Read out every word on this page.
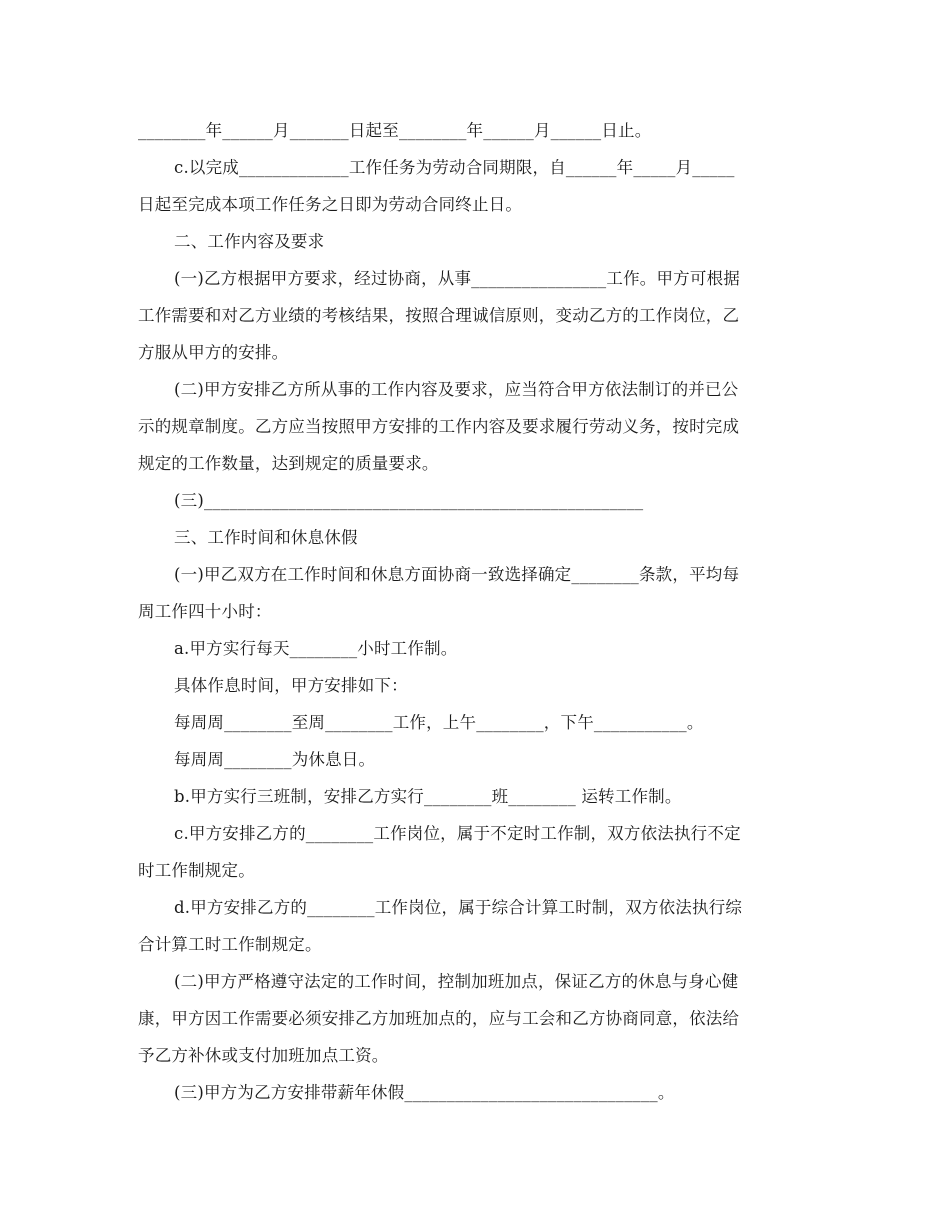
________年______月_______日起至________年______月______日止。
c.以完成_____________工作任务为劳动合同期限，自______年_____月_____
日起至完成本项工作任务之日即为劳动合同终止日。
二、工作内容及要求
(一)乙方根据甲方要求，经过协商，从事________________工作。甲方可根据
工作需要和对乙方业绩的考核结果，按照合理诚信原则，变动乙方的工作岗位，乙
方服从甲方的安排。
(二)甲方安排乙方所从事的工作内容及要求，应当符合甲方依法制订的并已公
示的规章制度。乙方应当按照甲方安排的工作内容及要求履行劳动义务，按时完成
规定的工作数量，达到规定的质量要求。
(三)____________________________________________________
三、工作时间和休息休假
(一)甲乙双方在工作时间和休息方面协商一致选择确定________条款，平均每
周工作四十小时：
a.甲方实行每天________小时工作制。
具体作息时间，甲方安排如下：
每周周________至周________工作，上午________，下午___________。
每周周________为休息日。
b.甲方实行三班制，安排乙方实行________班________ 运转工作制。
c.甲方安排乙方的________工作岗位，属于不定时工作制，双方依法执行不定
时工作制规定。
d.甲方安排乙方的________工作岗位，属于综合计算工时制，双方依法执行综
合计算工时工作制规定。
(二)甲方严格遵守法定的工作时间，控制加班加点，保证乙方的休息与身心健
康，甲方因工作需要必须安排乙方加班加点的，应与工会和乙方协商同意，依法给
予乙方补休或支付加班加点工资。
(三)甲方为乙方安排带薪年休假______________________________。
